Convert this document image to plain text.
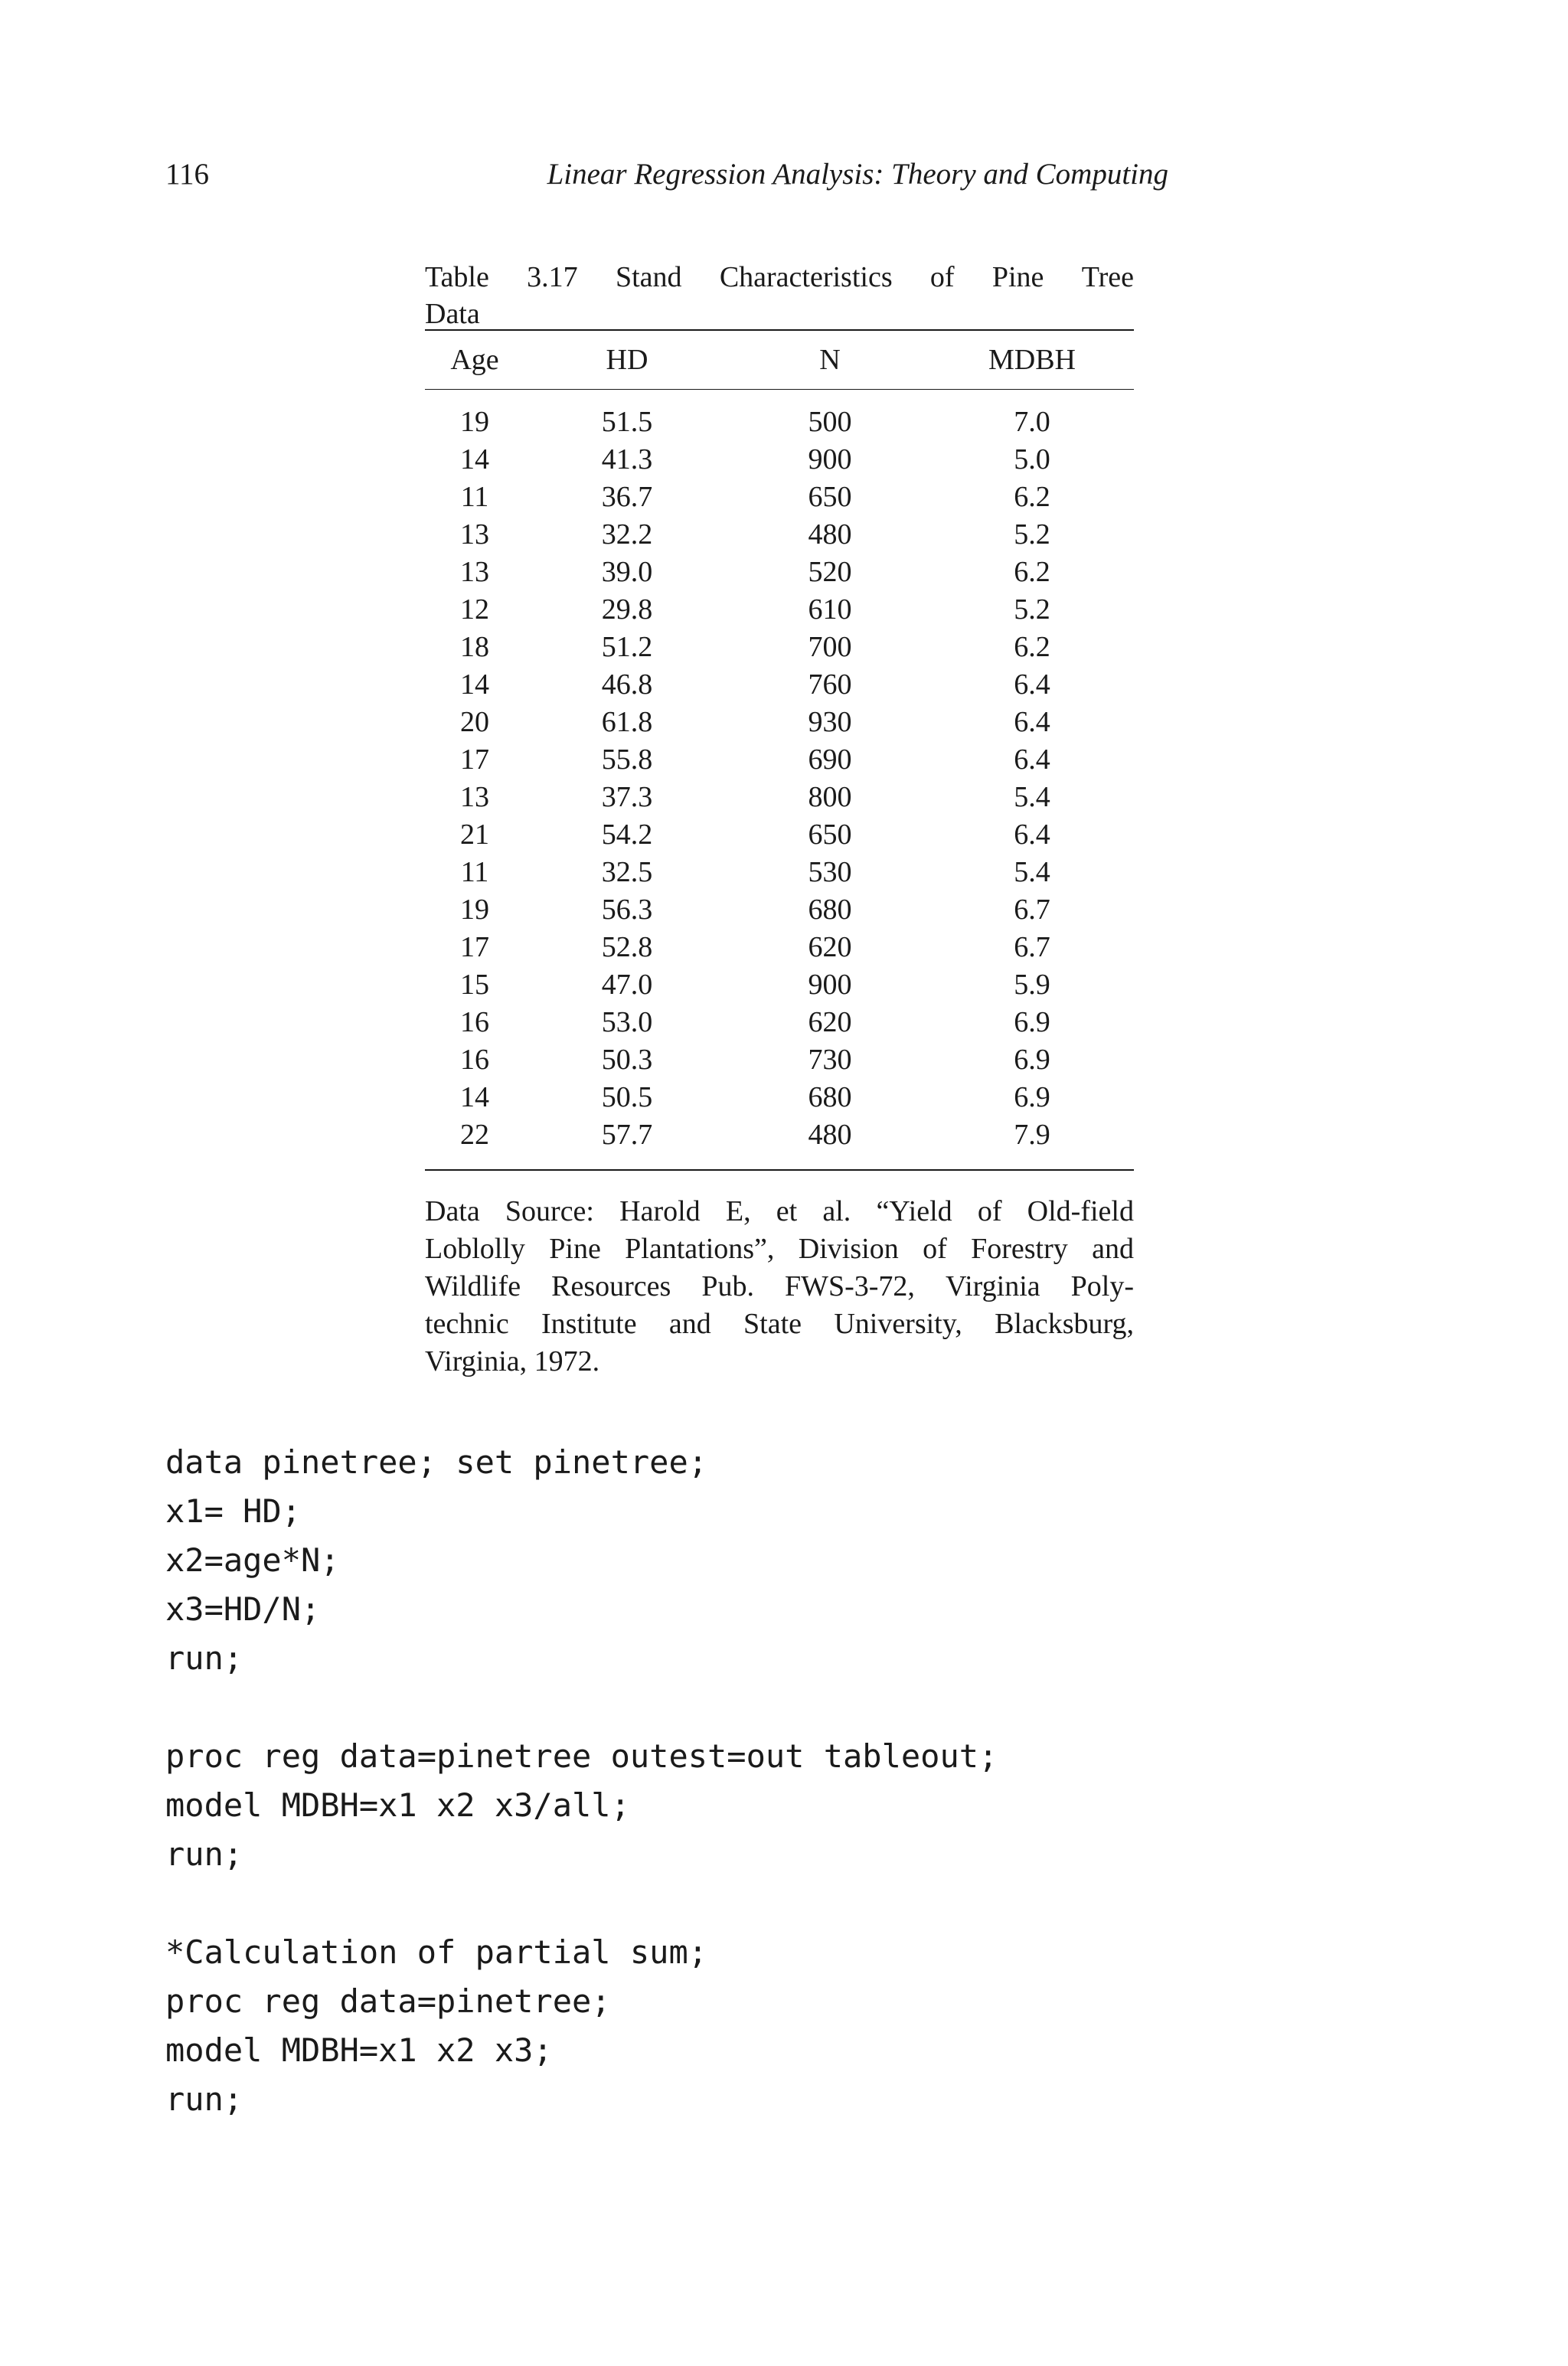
116	Linear Regression Analysis: Theory and Computing
Table 3.17 Stand Characteristics of Pine Tree
Data
Age	HD	N	MDBH

19	51.5	500	7.0
14	41.3	900	5.0
11	36.7	650	6.2
13	32.2	480	5.2
13	39.0	520	6.2
12	29.8	610	5.2
18	51.2	700	6.2
14	46.8	760	6.4
20	61.8	930	6.4
17	55.8	690	6.4
13	37.3	800	5.4
21	54.2	650	6.4
11	32.5	530	5.4
19	56.3	680	6.7
17	52.8	620	6.7
15	47.0	900	5.9
16	53.0	620	6.9
16	50.3	730	6.9
14	50.5	680	6.9
22	57.7	480	7.9

Data Source: Harold E, et al. “Yield of Old-field
Loblolly Pine Plantations”, Division of Forestry and
Wildlife Resources Pub. FWS-3-72, Virginia Poly-
technic Institute and State University, Blacksburg,
Virginia, 1972.
data pinetree; set pinetree;
x1= HD;
x2=age*N;
x3=HD/N;
run;
proc reg data=pinetree outest=out tableout;
model MDBH=x1 x2 x3/all;
run;
*Calculation of partial sum;
proc reg data=pinetree;
model MDBH=x1 x2 x3;
run;
